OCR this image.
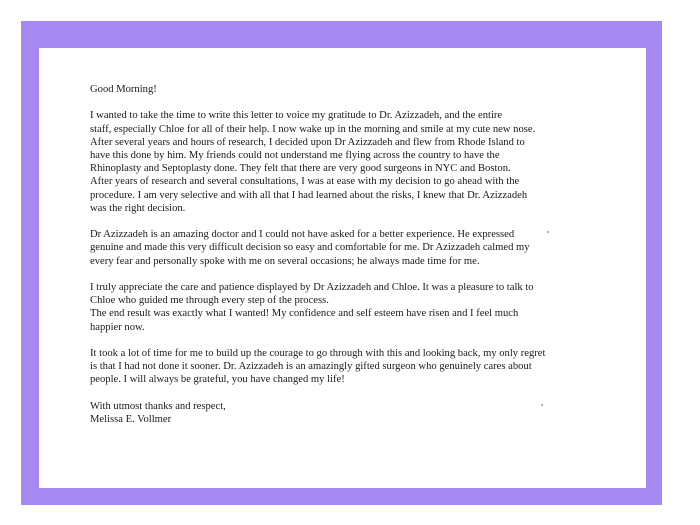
Good Morning!

I wanted to take the time to write this letter to voice my gratitude to Dr. Azizzadeh, and the entire
staff, especially Chloe for all of their help. I now wake up in the morning and smile at my cute new nose.
After several years and hours of research, I decided upon Dr Azizzadeh and flew from Rhode Island to
have this done by him. My friends could not understand me flying across the country to have the
Rhinoplasty and Septoplasty done. They felt that there are very good surgeons in NYC and Boston.
After years of research and several consultations, I was at ease with my decision to go ahead with the
procedure. I am very selective and with all that I had learned about the risks, I knew that Dr. Azizzadeh
was the right decision.

Dr Azizzadeh is an amazing doctor and I could not have asked for a better experience. He expressed
genuine and made this very difficult decision so easy and comfortable for me. Dr Azizzadeh calmed my
every fear and personally spoke with me on several occasions; he always made time for me.

I truly appreciate the care and patience displayed by Dr Azizzadeh and Chloe. It was a pleasure to talk to
Chloe who guided me through every step of the process.
The end result was exactly what I wanted! My confidence and self esteem have risen and I feel much
happier now.

It took a lot of time for me to build up the courage to go through with this and looking back, my only regret
is that I had not done it sooner. Dr. Azizzadeh is an amazingly gifted surgeon who genuinely cares about
people. I will always be grateful, you have changed my life!

With utmost thanks and respect,

Melissa E. Vollmer
